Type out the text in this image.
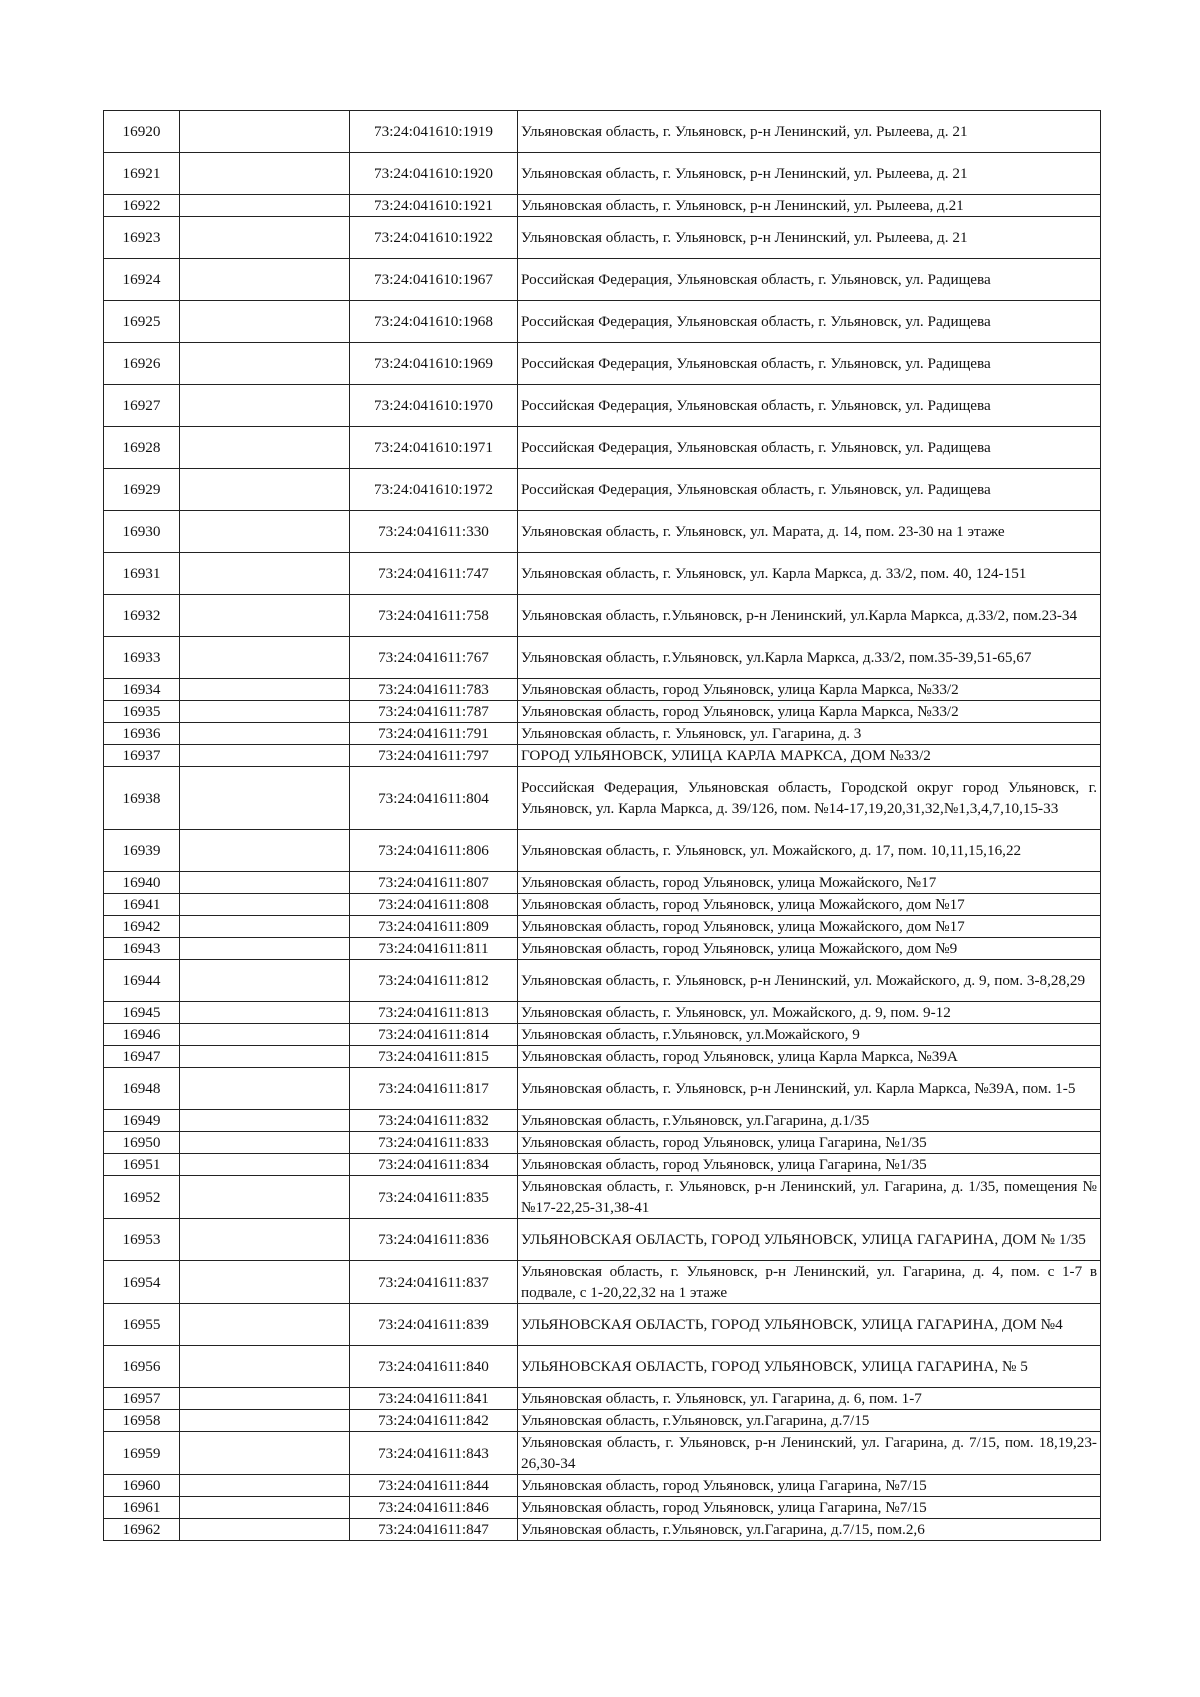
16920		73:24:041610:1919	Ульяновская область, г. Ульяновск, р-н Ленинский, ул. Рылеева, д. 21
16921		73:24:041610:1920	Ульяновская область, г. Ульяновск, р-н Ленинский, ул. Рылеева, д. 21
16922		73:24:041610:1921	Ульяновская область, г. Ульяновск, р-н Ленинский, ул. Рылеева, д.21
16923		73:24:041610:1922	Ульяновская область, г. Ульяновск, р-н Ленинский, ул. Рылеева, д. 21
16924		73:24:041610:1967	Российская Федерация, Ульяновская область, г. Ульяновск, ул. Радищева
16925		73:24:041610:1968	Российская Федерация, Ульяновская область, г. Ульяновск, ул. Радищева
16926		73:24:041610:1969	Российская Федерация, Ульяновская область, г. Ульяновск, ул. Радищева
16927		73:24:041610:1970	Российская Федерация, Ульяновская область, г. Ульяновск, ул. Радищева
16928		73:24:041610:1971	Российская Федерация, Ульяновская область, г. Ульяновск, ул. Радищева
16929		73:24:041610:1972	Российская Федерация, Ульяновская область, г. Ульяновск, ул. Радищева
16930		73:24:041611:330	Ульяновская область, г. Ульяновск, ул. Марата, д. 14, пом. 23-30 на 1 этаже
16931		73:24:041611:747	Ульяновская область, г. Ульяновск, ул. Карла Маркса, д. 33/2, пом. 40, 124-151
16932		73:24:041611:758	Ульяновская область, г.Ульяновск, р-н Ленинский, ул.Карла Маркса, д.33/2, пом.23-34
16933		73:24:041611:767	Ульяновская область, г.Ульяновск, ул.Карла Маркса, д.33/2, пом.35-39,51-65,67
16934		73:24:041611:783	Ульяновская область, город Ульяновск, улица Карла Маркса, №33/2
16935		73:24:041611:787	Ульяновская область, город Ульяновск, улица Карла Маркса, №33/2
16936		73:24:041611:791	Ульяновская область, г. Ульяновск, ул. Гагарина, д. 3
16937		73:24:041611:797	ГОРОД УЛЬЯНОВСК, УЛИЦА КАРЛА МАРКСА, ДОМ №33/2
16938		73:24:041611:804	Российская Федерация, Ульяновская область, Городской округ город Ульяновск, г. Ульяновск, ул. Карла Маркса, д. 39/126, пом. №14-17,19,20,31,32,№1,3,4,7,10,15-33
16939		73:24:041611:806	Ульяновская область, г. Ульяновск, ул. Можайского, д. 17, пом. 10,11,15,16,22
16940		73:24:041611:807	Ульяновская область, город Ульяновск, улица Можайского, №17
16941		73:24:041611:808	Ульяновская область, город Ульяновск, улица Можайского, дом №17
16942		73:24:041611:809	Ульяновская область, город Ульяновск, улица Можайского, дом №17
16943		73:24:041611:811	Ульяновская область, город Ульяновск, улица Можайского, дом №9
16944		73:24:041611:812	Ульяновская область, г. Ульяновск, р-н Ленинский, ул. Можайского, д. 9, пом. 3-8,28,29
16945		73:24:041611:813	Ульяновская область, г. Ульяновск, ул. Можайского, д. 9, пом. 9-12
16946		73:24:041611:814	Ульяновская область, г.Ульяновск, ул.Можайского, 9
16947		73:24:041611:815	Ульяновская область, город Ульяновск, улица Карла Маркса, №39А
16948		73:24:041611:817	Ульяновская область, г. Ульяновск, р-н Ленинский, ул. Карла Маркса, №39А, пом. 1-5
16949		73:24:041611:832	Ульяновская область, г.Ульяновск, ул.Гагарина, д.1/35
16950		73:24:041611:833	Ульяновская область, город Ульяновск, улица Гагарина, №1/35
16951		73:24:041611:834	Ульяновская область, город Ульяновск, улица Гагарина, №1/35
16952		73:24:041611:835	Ульяновская область, г. Ульяновск, р-н Ленинский, ул. Гагарина, д. 1/35, помещения №№17-22,25-31,38-41
16953		73:24:041611:836	УЛЬЯНОВСКАЯ ОБЛАСТЬ, ГОРОД УЛЬЯНОВСК, УЛИЦА ГАГАРИНА, ДОМ № 1/35
16954		73:24:041611:837	Ульяновская область, г. Ульяновск, р-н Ленинский, ул. Гагарина, д. 4, пом. с 1-7 в подвале, с 1-20,22,32 на 1 этаже
16955		73:24:041611:839	УЛЬЯНОВСКАЯ ОБЛАСТЬ, ГОРОД УЛЬЯНОВСК, УЛИЦА ГАГАРИНА, ДОМ №4
16956		73:24:041611:840	УЛЬЯНОВСКАЯ ОБЛАСТЬ, ГОРОД УЛЬЯНОВСК, УЛИЦА ГАГАРИНА, № 5
16957		73:24:041611:841	Ульяновская область, г. Ульяновск, ул. Гагарина, д. 6, пом. 1-7
16958		73:24:041611:842	Ульяновская область, г.Ульяновск, ул.Гагарина, д.7/15
16959		73:24:041611:843	Ульяновская область, г. Ульяновск, р-н Ленинский, ул. Гагарина, д. 7/15, пом. 18,19,23-26,30-34
16960		73:24:041611:844	Ульяновская область, город Ульяновск, улица Гагарина, №7/15
16961		73:24:041611:846	Ульяновская область, город Ульяновск, улица Гагарина, №7/15
16962		73:24:041611:847	Ульяновская область, г.Ульяновск, ул.Гагарина, д.7/15, пом.2,6
